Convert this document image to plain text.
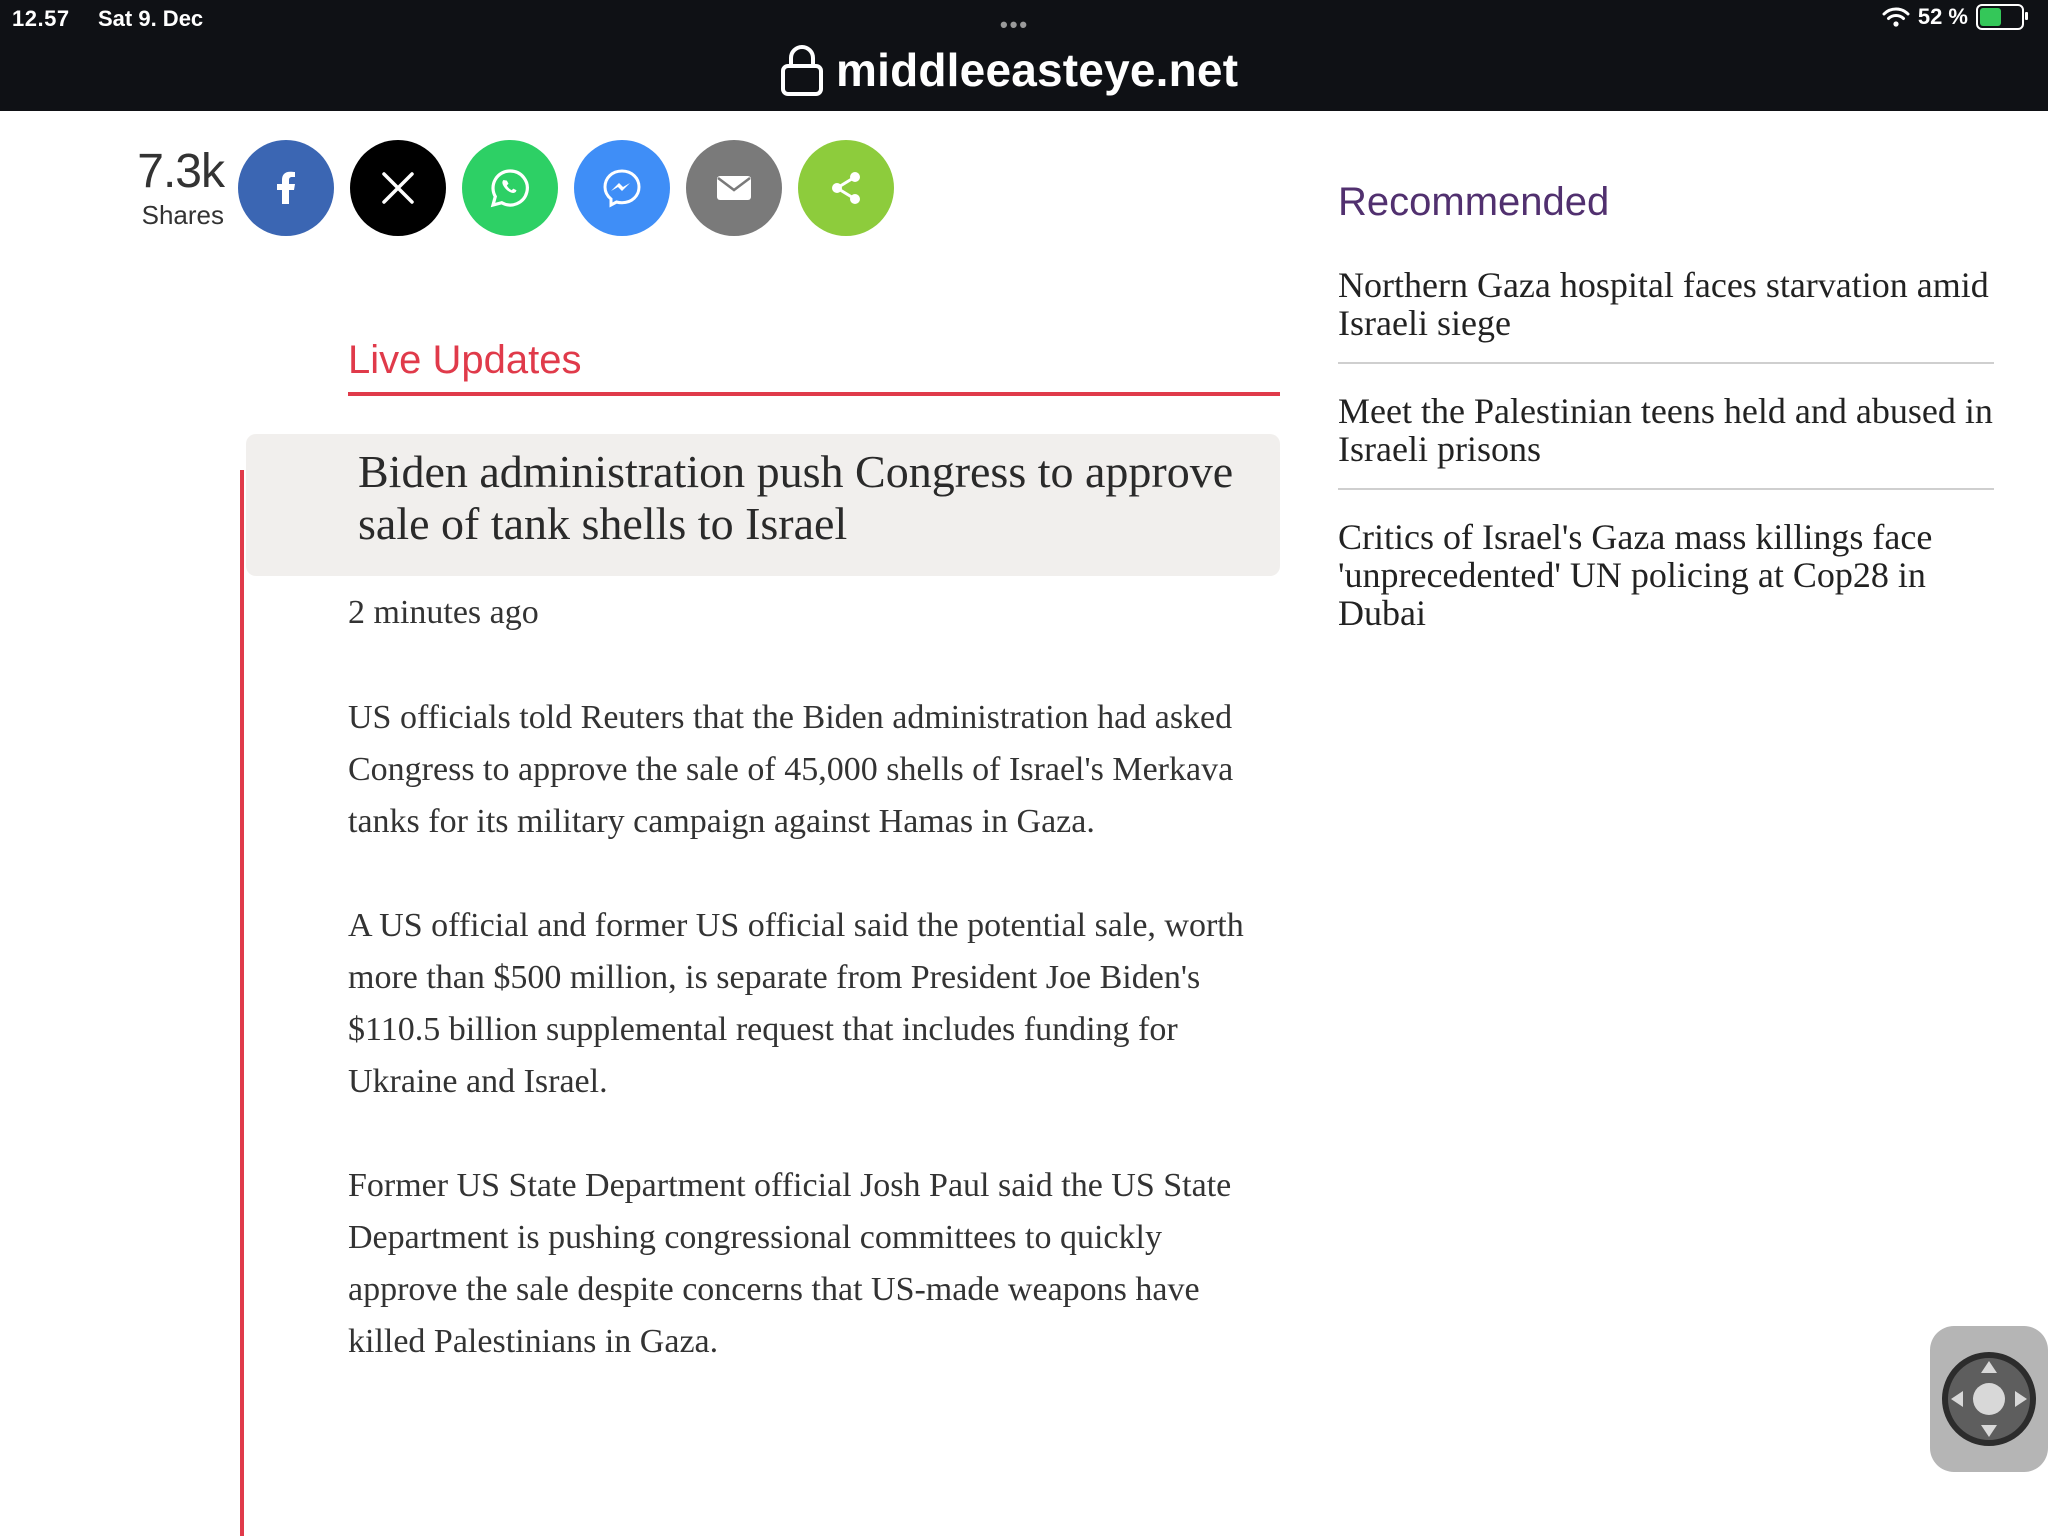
12.57 Sat 9. Dec	•••
middleeasteye.net
52 %
7.3k
Shares
Live Updates
Biden administration push Congress to approve sale of tank shells to Israel
2 minutes ago

US officials told Reuters that the Biden administration had asked Congress to approve the sale of 45,000 shells of Israel's Merkava tanks for its military campaign against Hamas in Gaza.

A US official and former US official said the potential sale, worth more than $500 million, is separate from President Joe Biden's $110.5 billion supplemental request that includes funding for Ukraine and Israel.

Former US State Department official Josh Paul said the US State Department is pushing congressional committees to quickly approve the sale despite concerns that US-made weapons have killed Palestinians in Gaza.

Recommended
Northern Gaza hospital faces starvation amid Israeli siege
Meet the Palestinian teens held and abused in Israeli prisons
Critics of Israel's Gaza mass killings face 'unprecedented' UN policing at Cop28 in Dubai
